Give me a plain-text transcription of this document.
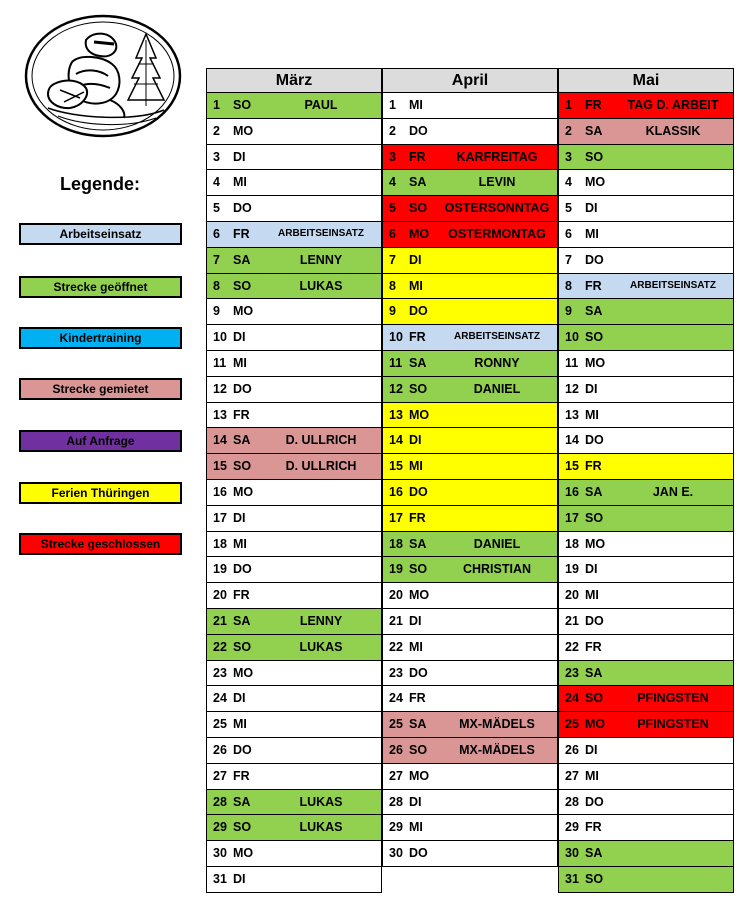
Legende:
Arbeitseinsatz
Strecke geöffnet
Kindertraining
Strecke gemietet
Auf Anfrage
Ferien Thüringen
Strecke geschlossen
März
1 SO	PAUL
2 MO
3 DI
4 MI
5 DO
6 FR	ARBEITSEINSATZ
7 SA	LENNY
8 SO	LUKAS
9 MO
10 DI
11 MI
12 DO
13 FR
14 SA	D. ULLRICH
15 SO	D. ULLRICH
16 MO
17 DI
18 MI
19 DO
20 FR
21 SA	LENNY
22 SO	LUKAS
23 MO
24 DI
25 MI
26 DO
27 FR
28 SA	LUKAS
29 SO	LUKAS
30 MO
31 DI
April
1 MI
2 DO
3 FR	KARFREITAG
4 SA	LEVIN
5 SO OSTERSONNTAG
6 MO	OSTERMONTAG
7 DI
8 MI
9 DO
10 FR	ARBEITSEINSATZ
11 SA	RONNY
12 SO	DANIEL
13 MO
14 DI
15 MI
16 DO
17 FR
18 SA	DANIEL
19 SO	CHRISTIAN
20 MO
21 DI
22 MI
23 DO
24 FR
25 SA	MX-MÄDELS
26 SO	MX-MÄDELS
27 MO
28 DI
29 MI
30 DO
Mai
1 FR	TAG D. ARBEIT
2 SA	KLASSIK
3 SO
4 MO
5 DI
6 MI
7 DO
8 FR	ARBEITSEINSATZ
9 SA
10 SO
11 MO
12 DI
13 MI
14 DO
15 FR
16 SA	JAN E.
17 SO
18 MO
19 DI
20 MI
21 DO
22 FR
23 SA
24 SO	PFINGSTEN
25 MO	PFINGSTEN
26 DI
27 MI
28 DO
29 FR
30 SA
31 SO
